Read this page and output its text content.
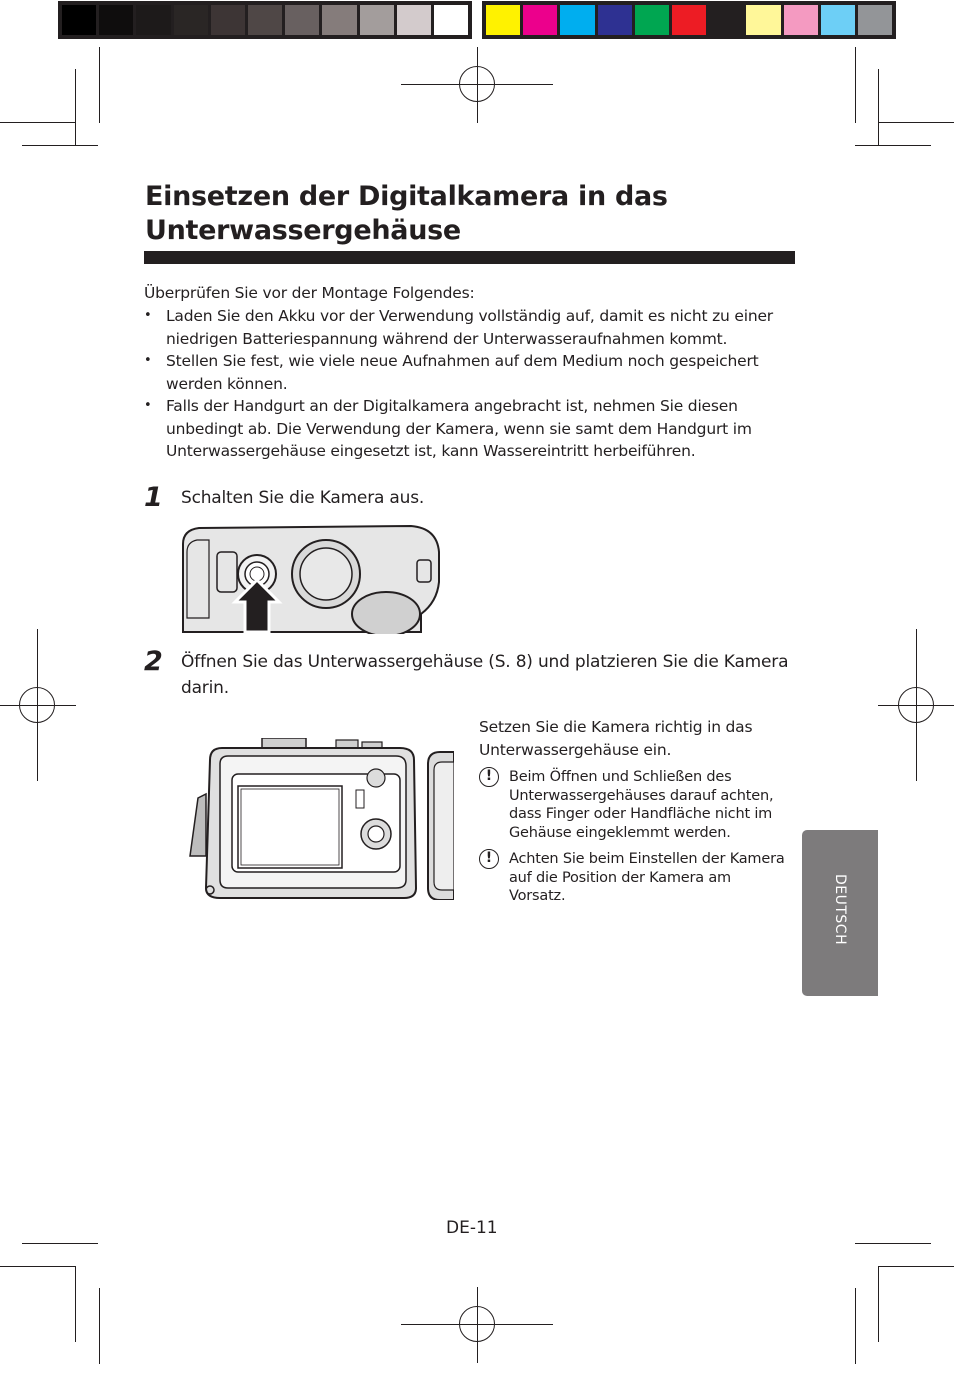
Einsetzen der Digitalkamera in das
Unterwassergehäuse
Überprüfen Sie vor der Montage Folgendes:
• Laden Sie den Akku vor der Verwendung vollständig auf, damit es nicht zu einer niedrigen Batteriespannung während der Unterwasseraufnahmen kommt.
• Stellen Sie fest, wie viele neue Aufnahmen auf dem Medium noch gespeichert werden können.
• Falls der Handgurt an der Digitalkamera angebracht ist, nehmen Sie diesen unbedingt ab. Die Verwendung der Kamera, wenn sie samt dem Handgurt im Unterwassergehäuse eingesetzt ist, kann Wassereintritt herbeiführen.
1 Schalten Sie die Kamera aus.
2 Öffnen Sie das Unterwassergehäuse (S. 8) und platzieren Sie die Kamera darin.
Setzen Sie die Kamera richtig in das Unterwassergehäuse ein.
!	Beim Öffnen und Schließen des Unterwassergehäuses darauf achten, dass Finger oder Handfläche nicht im Gehäuse eingeklemmt werden.
!	Achten Sie beim Einstellen der Kamera auf die Position der Kamera am Vorsatz.	DEUTSCH
DE-11
